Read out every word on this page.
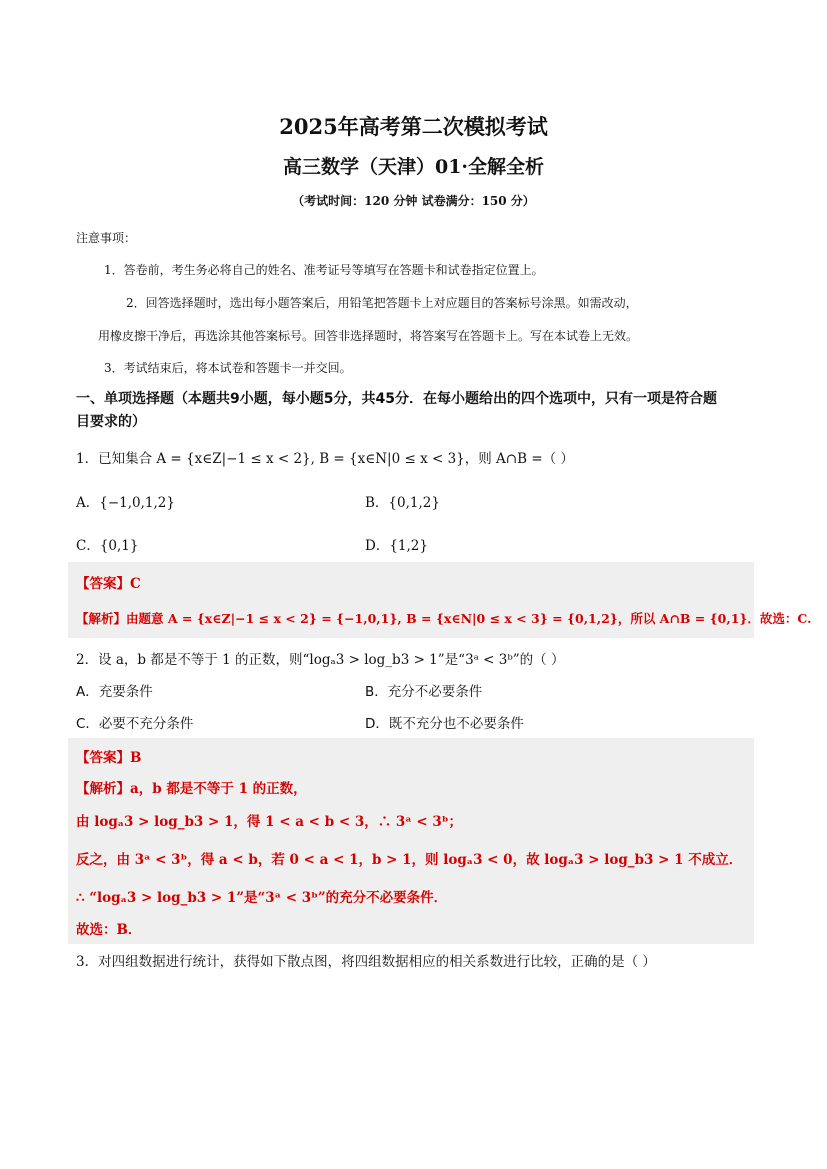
2025年高考第二次模拟考试
高三数学（天津）01·全解全析
（考试时间：120 分钟 试卷满分：150 分）
注意事项：
1．答卷前，考生务必将自己的姓名、准考证号等填写在答题卡和试卷指定位置上。
2．回答选择题时，选出每小题答案后，用铅笔把答题卡上对应题目的答案标号涂黑。如需改动，
用橡皮擦干净后，再选涂其他答案标号。回答非选择题时，将答案写在答题卡上。写在本试卷上无效。
3．考试结束后，将本试卷和答题卡一并交回。
一、单项选择题（本题共9小题，每小题5分，共45分．在每小题给出的四个选项中，只有一项是符合题
目要求的）
1．已知集合 A = {x∈Z|−1 ≤ x < 2}, B = {x∈N|0 ≤ x < 3}，则 A∩B =（ ）
A．{−1,0,1,2}	B．{0,1,2}
C．{0,1}	D．{1,2}
【答案】C
【解析】由题意 A = {x∈Z|−1 ≤ x < 2} = {−1,0,1}, B = {x∈N|0 ≤ x < 3} = {0,1,2}，所以 A∩B = {0,1}．故选：C.
2．设 a，b 都是不等于 1 的正数，则“logₐ3 > log_b3 > 1”是“3ᵃ < 3ᵇ”的（ ）
A．充要条件	B．充分不必要条件
C．必要不充分条件	D．既不充分也不必要条件
【答案】B
【解析】a，b 都是不等于 1 的正数，
由 logₐ3 > log_b3 > 1，得 1 < a < b < 3，∴ 3ᵃ < 3ᵇ；
反之，由 3ᵃ < 3ᵇ，得 a < b，若 0 < a < 1，b > 1，则 logₐ3 < 0，故 logₐ3 > log_b3 > 1 不成立．
∴ “logₐ3 > log_b3 > 1”是“3ᵃ < 3ᵇ”的充分不必要条件．
故选：B．
3．对四组数据进行统计，获得如下散点图，将四组数据相应的相关系数进行比较，正确的是（ ）
